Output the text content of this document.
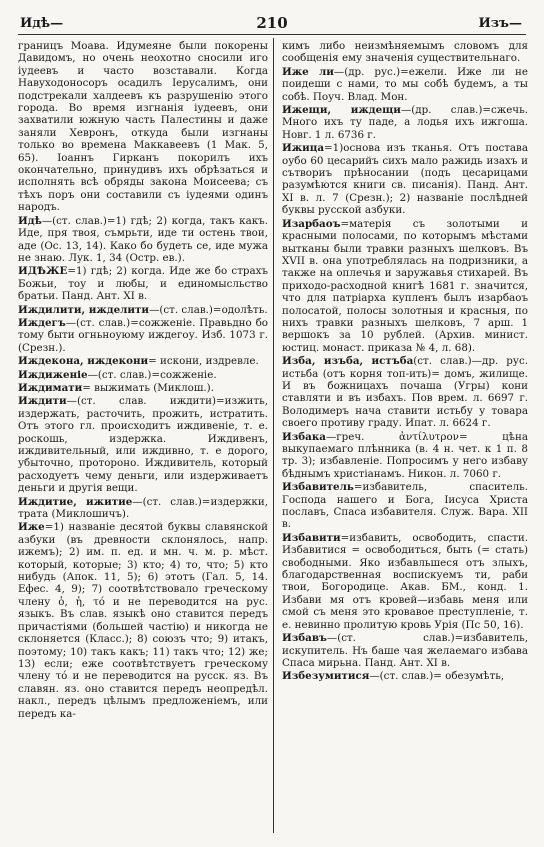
Идѣ—	210	Изъ—

границъ Моава. Идумеяне были покорены Давидомъ, но очень неохотно сносили иго іудеевъ и часто возставали. Когда Навуходоносоръ осадилъ Іерусалимъ, они подстрекали халдеевъ къ разрушенію этого города. Во время изгнанія іудеевъ, они захватили южную часть Палестины и даже заняли Хевронъ, откуда были изгнаны только во времена Маккавеевъ (1 Мак. 5, 65). Іоаннъ Гирканъ покорилъ ихъ окончательно, принудивъ ихъ обрѣзаться и исполнять всѣ обряды закона Моисеева; съ тѣхъ поръ они составили съ іудеями одинъ народъ.

Идѣ—(ст. слав.)=1) гдѣ; 2) когда, такъ какъ. Иде, пря твоя, съмрьти, иде ти остень твои, аде (Ос. 13, 14). Како бо будеть се, иде мужа не знаю. Лук. 1, 34 (Остр. ев.).

ИДѢЖЕ=1) гдѣ; 2) когда. Иде же бо страхъ Божьи, тоу и любы, и единомысльство братьи. Панд. Ант. XI в.

Иждилити, ижделити—(ст. слав.)=одолѣть.

Иждегъ—(ст. слав.)=сожженіе. Правьдно бо тому быти огньноуюму иждегоу. Изб. 1073 г. (Срезн.).

Иждекона, иждекони= искони, издревле.

Иждиженіе—(ст. слав.)=сожженіе.

Иждимати= выжимать (Миклош.).

Иждити—(ст. слав. иждити)=изжить, издержать, расточить, прожить, истратить. Отъ этого гл. происходитъ иждивеніе, т. е. роскошь, издержка. Иждивенъ, иждивительный, или иждивно, т. е дорого, убыточно, протороно. Иждивитель, который расходуетъ чему деньги, или издерживаетъ деньги и другія вещи.

Иждитие, ижитие—(ст. слав.)=издержки, трата (Миклошичъ).

Иже=1) названіе десятой буквы славянской азбуки (въ древности склонялось, напр. ижемъ); 2) им. п. ед. и мн. ч. м. р. мѣст. который, которые; 3) кто; 4) то, что; 5) кто нибудь (Апок. 11, 5); 6) этотъ (Гал. 5, 14. Ефес. 4, 9); 7) соотвѣтствовало греческому члену ὁ, ἡ, τό и не переводится на рус. языкъ. Въ слав. языкѣ оно ставится передъ причастіями (большей частію) и никогда не склоняется (Класс.); 8) союзъ что; 9) итакъ, поэтому; 10) такъ какъ; 11) такъ что; 12) же; 13) если; еже соотвѣтствуетъ греческому члену τό и не переводится на русск. яз. Въ славян. яз. оно ставится передъ неопредѣл. накл., передъ цѣлымъ предложеніемъ, или передъ ка-

кимъ либо неизмѣняемымъ словомъ для сообщенія ему значенія существительнаго.

Иже ли—(др. рус.)=ежели. Иже ли не поидеши с нами, то мы собѣ будемъ, а ты собѣ. Поуч. Влад. Мон.

Ижещи, иждещи—(др. слав.)=сжечь. Много ихъ ту паде, а лодья ихъ ижгоша. Новг. 1 л. 6736 г.

Ижица=1)основа изъ тканья. Отъ постава оубо 60 цесарийъ сихъ мало ражидь изахъ и сътвориъ прѣносании (подъ цесарицами разумѣются книги св. писанія). Панд. Ант. XI в. л. 7 (Срезн.); 2) названіе послѣдней буквы русской азбуки.

Изарбаоъ=матерія съ золотыми и красными полосами, по которымъ мѣстами вытканы были травки разныхъ шелковъ. Въ XVII в. она употреблялась на подризники, а также на оплечья и заружавья стихарей. Въ приходо-расходной книгѣ 1681 г. значится, что для патріарха купленъ былъ изарбаоъ полосатой, полосы золотныя и красныя, по нихъ травки разныхъ шелковъ, 7 арш. 1 вершокъ за 10 рублей. (Архив. минист. юстиц. монаст. приказа № 4, л. 68).

Изба, изъба, истъба(ст. слав.)—др. рус. истьба (отъ корня топ-ить)= домъ, жилище. И въ божницахъ почаша (Угры) кони ставляти и въ избахъ. Пов врем. л. 6697 г. Володимеръ нача ставити истьбу у товара своего противу граду. Ипат. л. 6624 г.

Избака—греч. ἀντίλυτρον= цѣна выкупаемаго плѣнника (в. 4 н. чет. к 1 п. 8 тр. 3); избавленіе. Попросимъ у него избаву бѣднымъ христіанамъ. Никон. л. 7060 г.

Избавитель=избавитель, спаситель. Господа нашего и Бога, Іисуса Христа пославъ, Спаса избавителя. Служ. Вара. XII в.

Избавити=избавить, освободить, спасти. Избавитися = освободиться, быть (= стать) свободными. Яко избавльшеся отъ злыхъ, благодарственная воспискуемъ ти, раби твои, Богородице. Акав. БМ., конд. 1. Избави мя отъ кровей—избавь меня или смой съ меня это кровавое преступленіе, т. е. невинно пролитую кровь Урія (Пс 50, 16).

Избавъ—(ст. слав.)=избавитель, искупитель. Нъ баше чая желаемаго избава Спаса мирьна. Панд. Ант. XI в.

Избезумитися—(ст. слав.)= обезумѣть,
